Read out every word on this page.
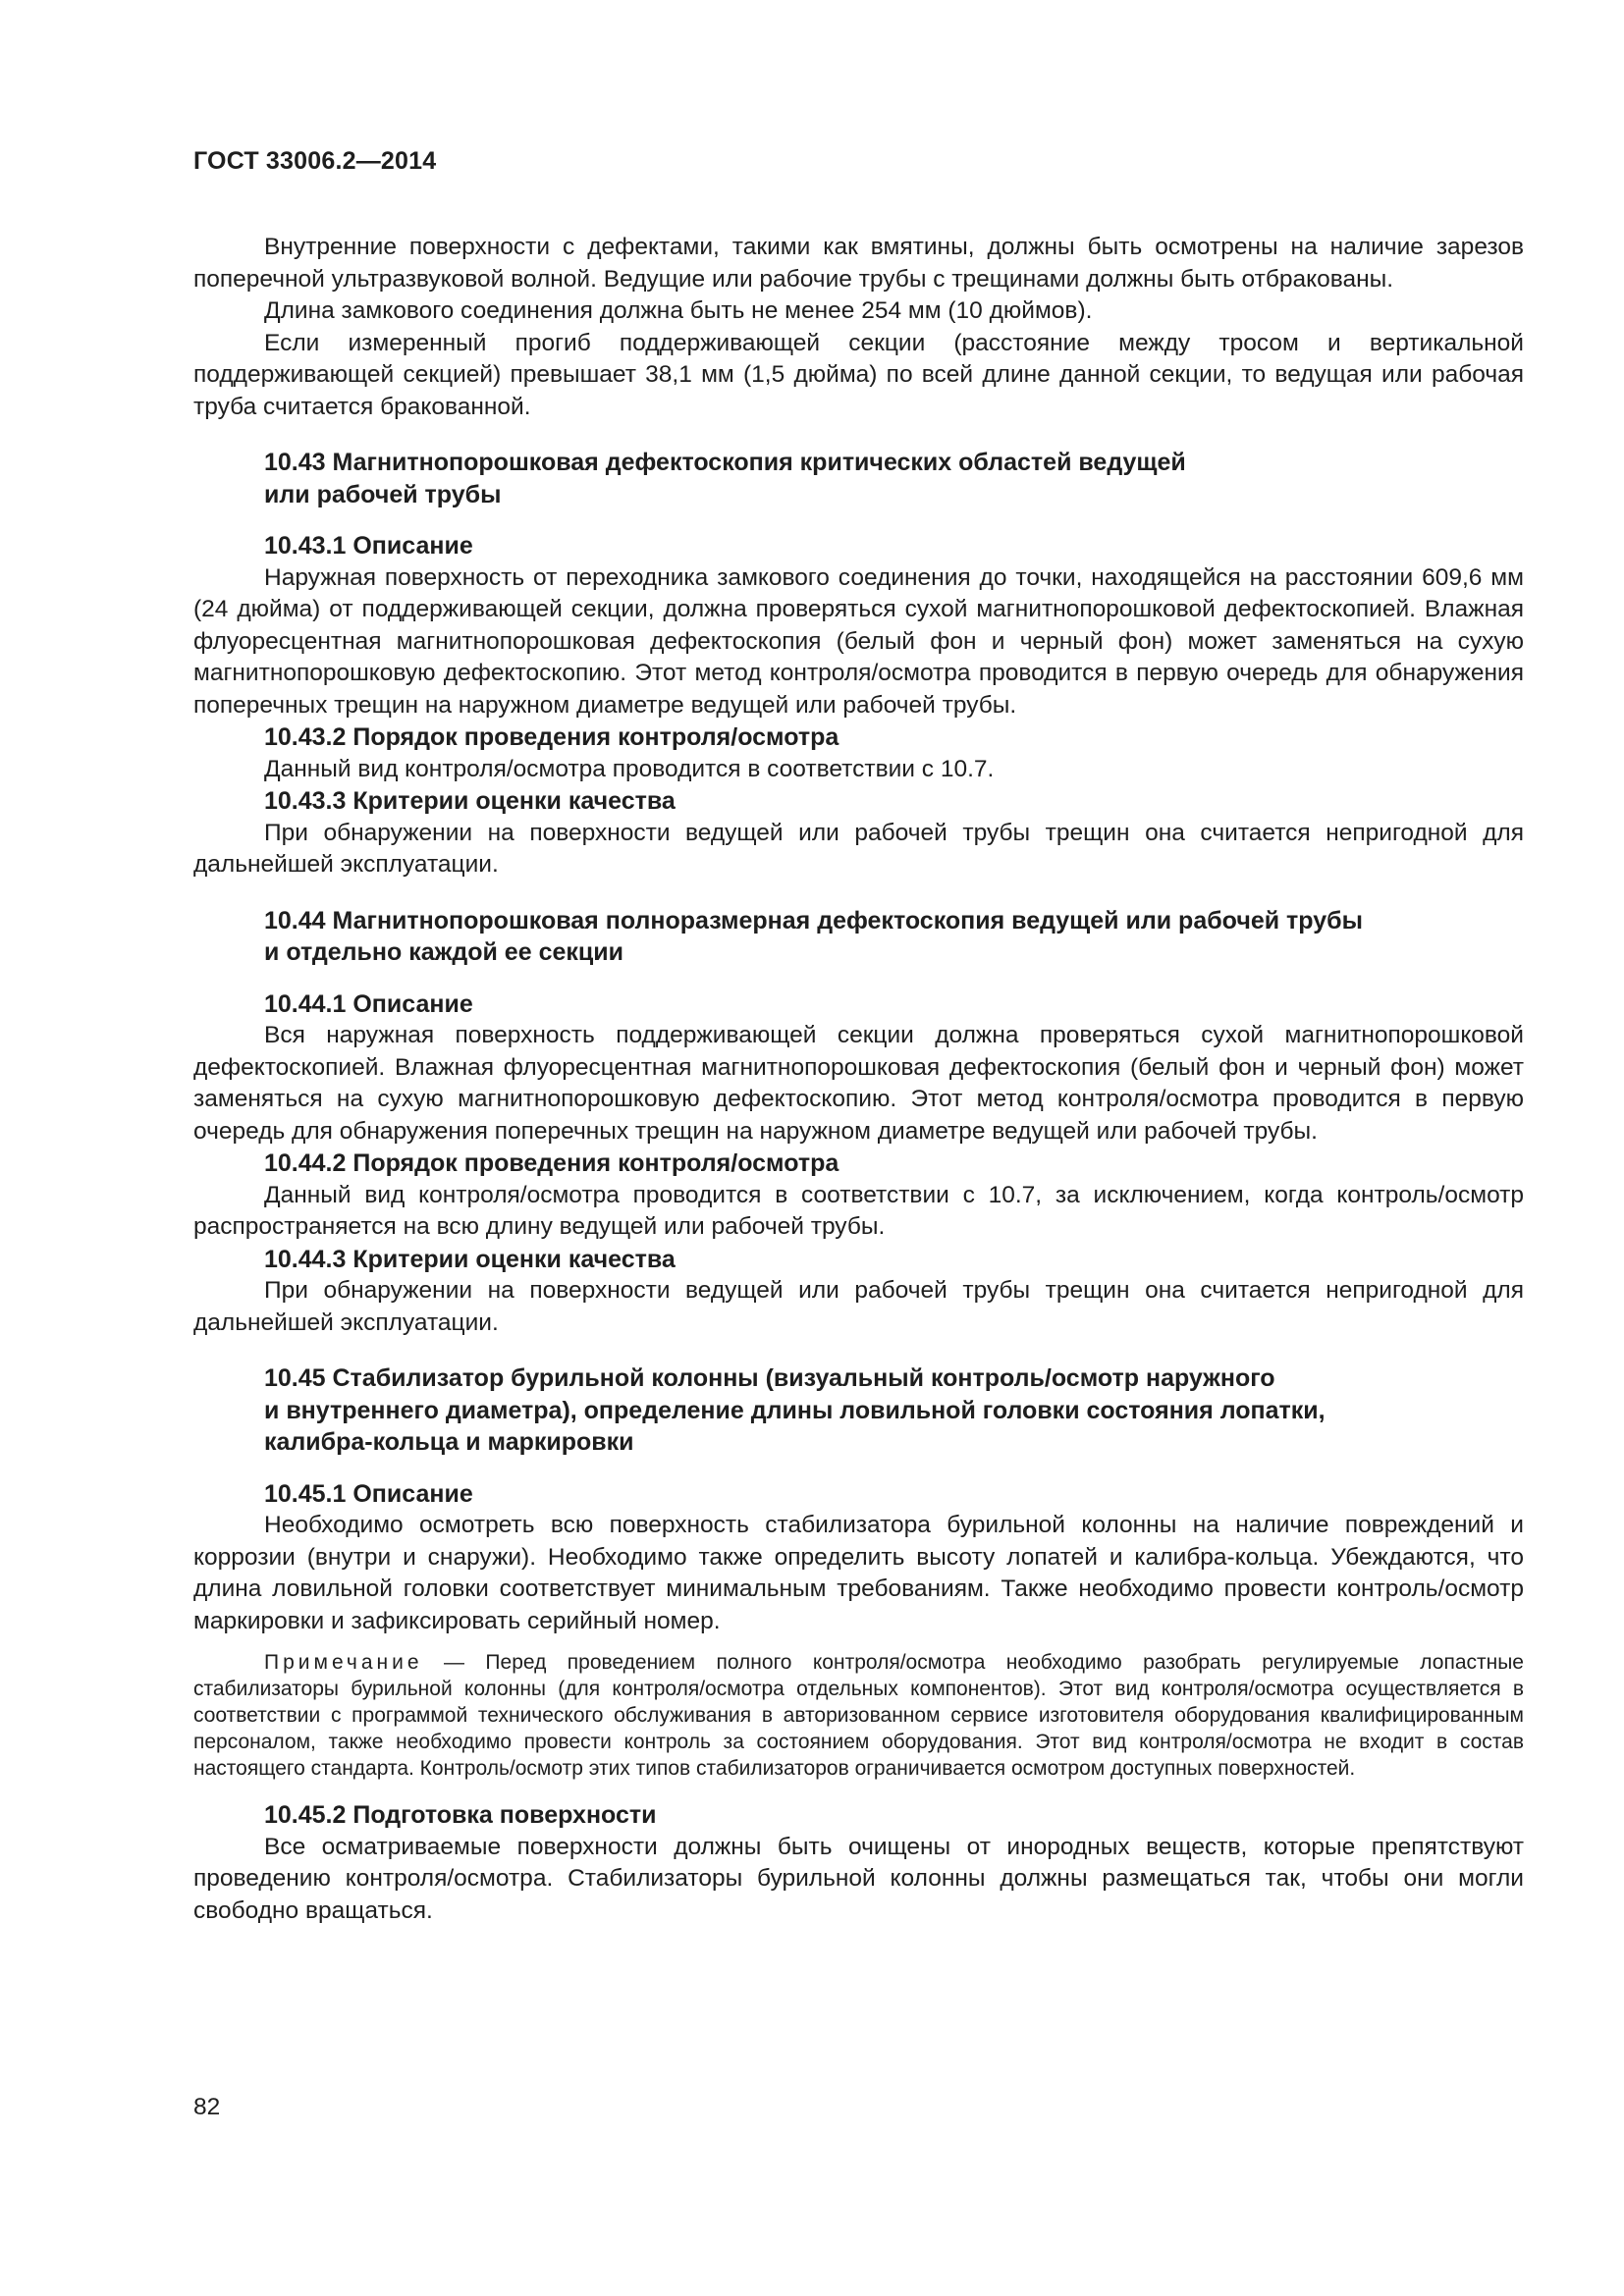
ГОСТ 33006.2—2014

Внутренние поверхности с дефектами, такими как вмятины, должны быть осмотрены на наличие зарезов поперечной ультразвуковой волной. Ведущие или рабочие трубы с трещинами должны быть отбракованы.

Длина замкового соединения должна быть не менее 254 мм (10 дюймов).

Если измеренный прогиб поддерживающей секции (расстояние между тросом и вертикальной поддерживающей секцией) превышает 38,1 мм (1,5 дюйма) по всей длине данной секции, то ведущая или рабочая труба считается бракованной.

10.43 Магнитнопорошковая дефектоскопия критических областей ведущей
или рабочей трубы
10.43.1 Описание

Наружная поверхность от переходника замкового соединения до точки, находящейся на расстоянии 609,6 мм (24 дюйма) от поддерживающей секции, должна проверяться сухой магнитнопорошковой дефектоскопией. Влажная флуоресцентная магнитнопорошковая дефектоскопия (белый фон и черный фон) может заменяться на сухую магнитнопорошковую дефектоскопию. Этот метод контроля/осмотра проводится в первую очередь для обнаружения поперечных трещин на наружном диаметре ведущей или рабочей трубы.

10.43.2 Порядок проведения контроля/осмотра

Данный вид контроля/осмотра проводится в соответствии с 10.7.

10.43.3 Критерии оценки качества

При обнаружении на поверхности ведущей или рабочей трубы трещин она считается непригодной для дальнейшей эксплуатации.

10.44 Магнитнопорошковая полноразмерная дефектоскопия ведущей или рабочей трубы
и отдельно каждой ее секции
10.44.1 Описание

Вся наружная поверхность поддерживающей секции должна проверяться сухой магнитнопорошковой дефектоскопией. Влажная флуоресцентная магнитнопорошковая дефектоскопия (белый фон и черный фон) может заменяться на сухую магнитнопорошковую дефектоскопию. Этот метод контроля/осмотра проводится в первую очередь для обнаружения поперечных трещин на наружном диаметре ведущей или рабочей трубы.

10.44.2 Порядок проведения контроля/осмотра

Данный вид контроля/осмотра проводится в соответствии с 10.7, за исключением, когда контроль/осмотр распространяется на всю длину ведущей или рабочей трубы.

10.44.3 Критерии оценки качества

При обнаружении на поверхности ведущей или рабочей трубы трещин она считается непригодной для дальнейшей эксплуатации.

10.45 Стабилизатор бурильной колонны (визуальный контроль/осмотр наружного
и внутреннего диаметра), определение длины ловильной головки состояния лопатки,
калибра-кольца и маркировки
10.45.1 Описание

Необходимо осмотреть всю поверхность стабилизатора бурильной колонны на наличие повреждений и коррозии (внутри и снаружи). Необходимо также определить высоту лопатей и калибра-кольца. Убеждаются, что длина ловильной головки соответствует минимальным требованиям. Также необходимо провести контроль/осмотр маркировки и зафиксировать серийный номер.

Примечание — Перед проведением полного контроля/осмотра необходимо разобрать регулируемые лопастные стабилизаторы бурильной колонны (для контроля/осмотра отдельных компонентов). Этот вид контроля/осмотра осуществляется в соответствии с программой технического обслуживания в авторизованном сервисе изготовителя оборудования квалифицированным персоналом, также необходимо провести контроль за состоянием оборудования. Этот вид контроля/осмотра не входит в состав настоящего стандарта. Контроль/осмотр этих типов стабилизаторов ограничивается осмотром доступных поверхностей.
10.45.2 Подготовка поверхности

Все осматриваемые поверхности должны быть очищены от инородных веществ, которые препятствуют проведению контроля/осмотра. Стабилизаторы бурильной колонны должны размещаться так, чтобы они могли свободно вращаться.

82
